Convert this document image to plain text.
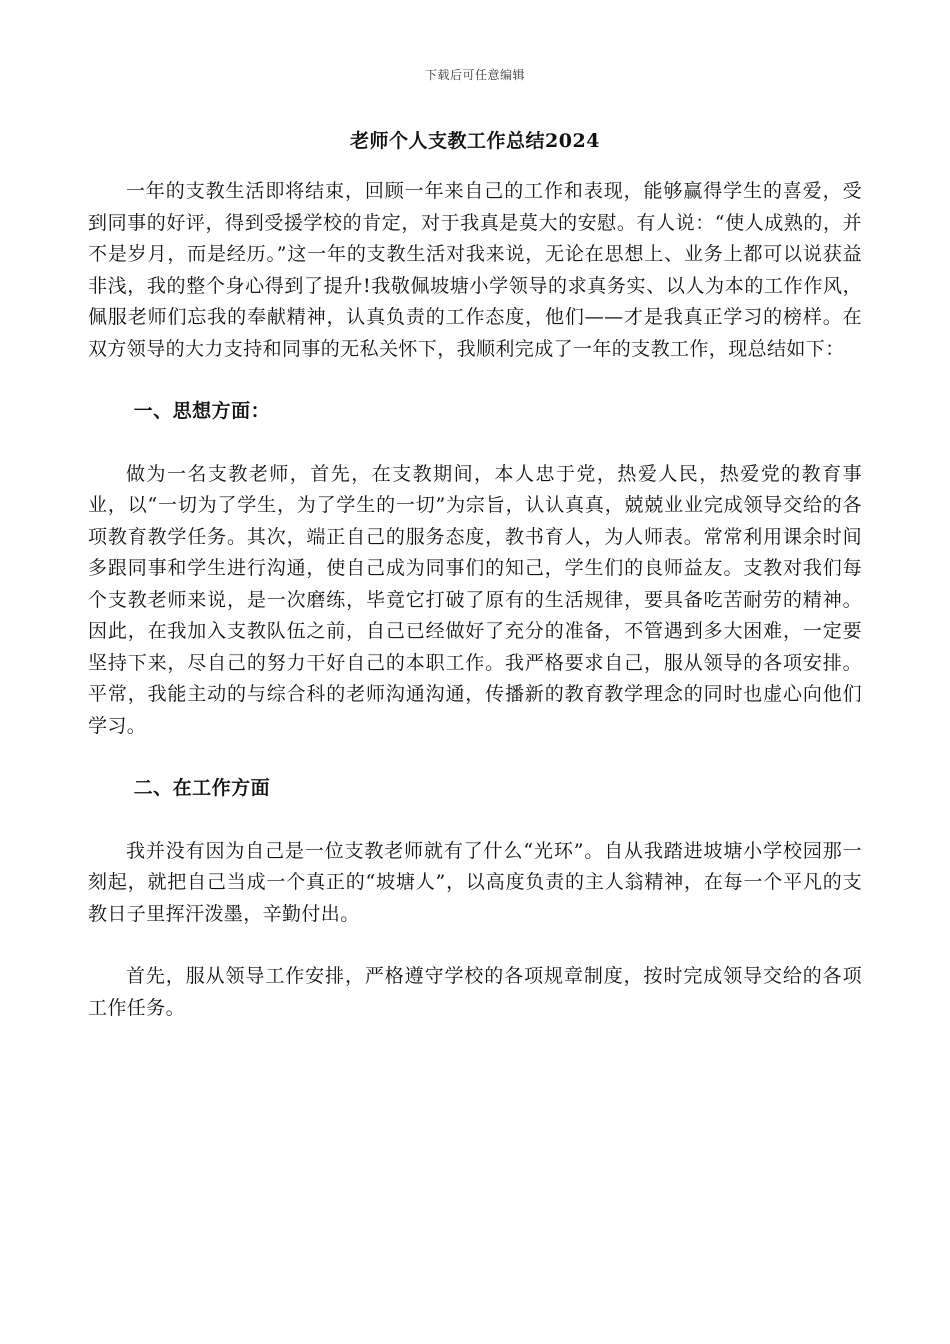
下载后可任意编辑
老师个人支教工作总结2024

一年的支教生活即将结束，回顾一年来自己的工作和表现，能够赢得学生的喜爱，受到同事的好评，得到受援学校的肯定，对于我真是莫大的安慰。有人说：“使人成熟的，并不是岁月，而是经历。”这一年的支教生活对我来说，无论在思想上、业务上都可以说获益非浅，我的整个身心得到了提升!我敬佩坡塘小学领导的求真务实、以人为本的工作作风，佩服老师们忘我的奉献精神，认真负责的工作态度，他们——才是我真正学习的榜样。在双方领导的大力支持和同事的无私关怀下，我顺利完成了一年的支教工作，现总结如下：

一、思想方面：

做为一名支教老师，首先，在支教期间，本人忠于党，热爱人民，热爱党的教育事业，以“一切为了学生，为了学生的一切”为宗旨，认认真真，兢兢业业完成领导交给的各项教育教学任务。其次，端正自己的服务态度，教书育人，为人师表。常常利用课余时间多跟同事和学生进行沟通，使自己成为同事们的知己，学生们的良师益友。支教对我们每个支教老师来说，是一次磨练，毕竟它打破了原有的生活规律，要具备吃苦耐劳的精神。因此，在我加入支教队伍之前，自己已经做好了充分的准备，不管遇到多大困难，一定要坚持下来，尽自己的努力干好自己的本职工作。我严格要求自己，服从领导的各项安排。平常，我能主动的与综合科的老师沟通沟通，传播新的教育教学理念的同时也虚心向他们学习。

二、在工作方面

我并没有因为自己是一位支教老师就有了什么“光环”。自从我踏进坡塘小学校园那一刻起，就把自己当成一个真正的“坡塘人”，以高度负责的主人翁精神，在每一个平凡的支教日子里挥汗泼墨，辛勤付出。

首先，服从领导工作安排，严格遵守学校的各项规章制度，按时完成领导交给的各项工作任务。
